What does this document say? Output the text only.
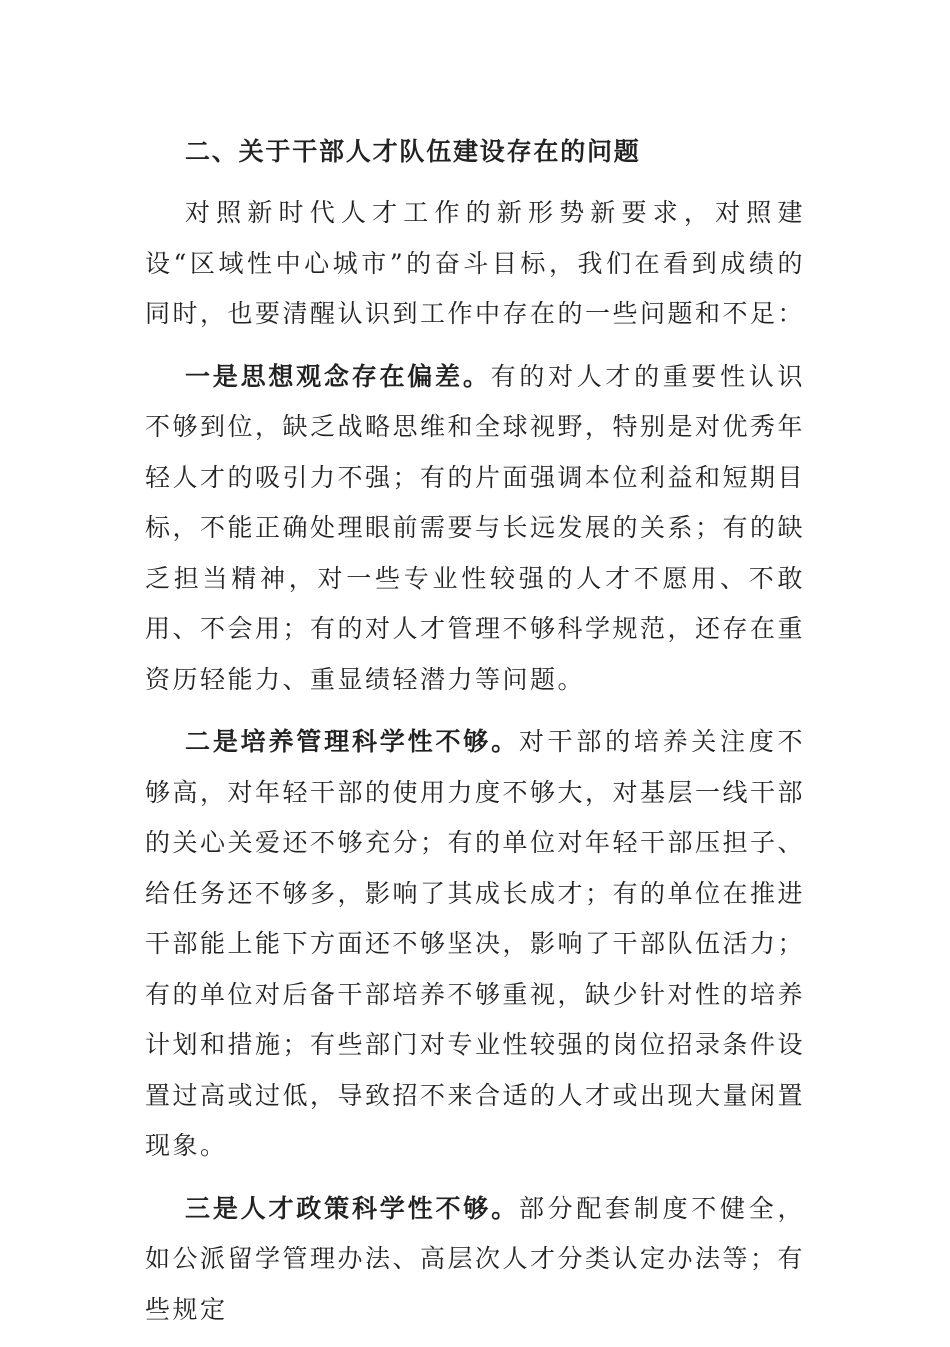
二、关于干部人才队伍建设存在的问题
对照新时代人才工作的新形势新要求，对照建设“区域性中心城市”的奋斗目标，我们在看到成绩的同时，也要清醒认识到工作中存在的一些问题和不足：
一是思想观念存在偏差。有的对人才的重要性认识不够到位，缺乏战略思维和全球视野，特别是对优秀年轻人才的吸引力不强；有的片面强调本位利益和短期目标，不能正确处理眼前需要与长远发展的关系；有的缺乏担当精神，对一些专业性较强的人才不愿用、不敢用、不会用；有的对人才管理不够科学规范，还存在重资历轻能力、重显绩轻潜力等问题。
二是培养管理科学性不够。对干部的培养关注度不够高，对年轻干部的使用力度不够大，对基层一线干部的关心关爱还不够充分；有的单位对年轻干部压担子、给任务还不够多，影响了其成长成才；有的单位在推进干部能上能下方面还不够坚决，影响了干部队伍活力；有的单位对后备干部培养不够重视，缺少针对性的培养计划和措施；有些部门对专业性较强的岗位招录条件设置过高或过低，导致招不来合适的人才或出现大量闲置现象。
三是人才政策科学性不够。部分配套制度不健全，如公派留学管理办法、高层次人才分类认定办法等；有些规定
